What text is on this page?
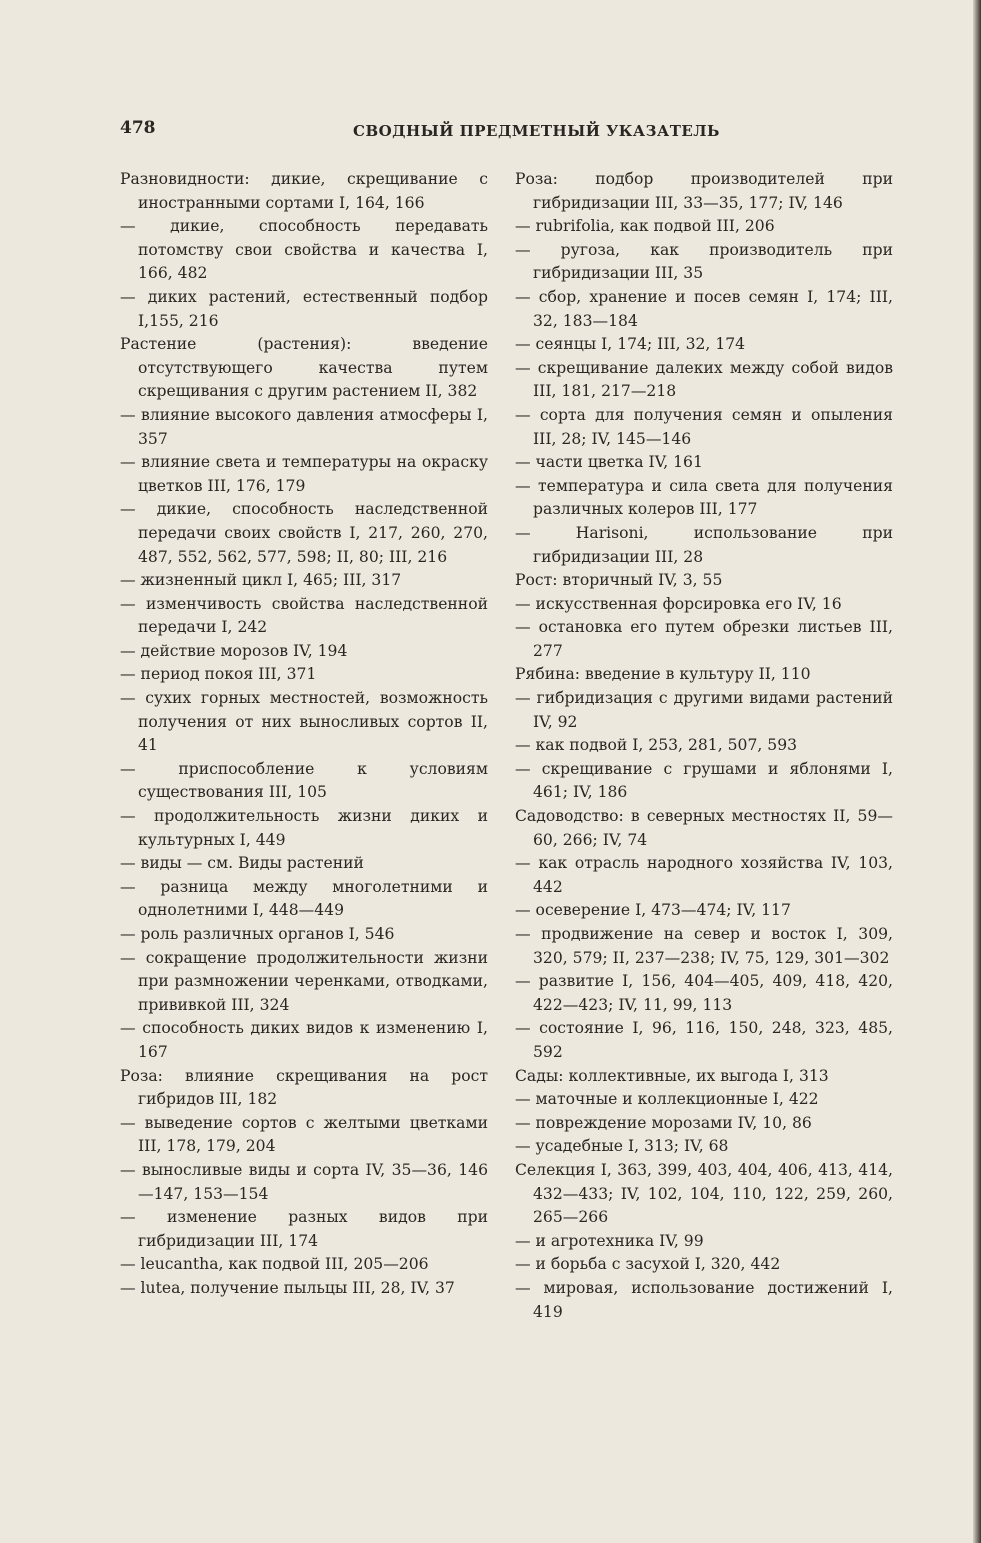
478	СВОДНЫЙ ПРЕДМЕТНЫЙ УКАЗАТЕЛЬ

Разновидности: дикие, скрещивание с иностранными сортами I, 164, 166

— дикие, способность передавать потомству свои свойства и качества I, 166, 482

— диких растений, естественный подбор I,155, 216

Растение (растения): введение отсутствующего качества путем скрещивания с другим растением II, 382

— влияние высокого давления атмосферы I, 357

— влияние света и температуры на окраску цветков III, 176, 179

— дикие, способность наследственной передачи своих свойств I, 217, 260, 270, 487, 552, 562, 577, 598; II, 80; III, 216

— жизненный цикл I, 465; III, 317

— изменчивость свойства наследственной передачи I, 242

— действие морозов IV, 194

— период покоя III, 371

— сухих горных местностей, возможность получения от них выносливых сортов II, 41

— приспособление к условиям существования III, 105

— продолжительность жизни диких и культурных I, 449

— виды — см. Виды растений

— разница между многолетними и однолетними I, 448—449

— роль различных органов I, 546

— сокращение продолжительности жизни при размножении черенками, отводками, прививкой III, 324

— способность диких видов к изменению I, 167

Роза: влияние скрещивания на рост гибридов III, 182

— выведение сортов с желтыми цветками III, 178, 179, 204

— выносливые виды и сорта IV, 35—36, 146—147, 153—154

— изменение разных видов при гибридизации III, 174

— leucantha, как подвой III, 205—206

— lutea, получение пыльцы III, 28, IV, 37

Роза: подбор производителей при гибридизации III, 33—35, 177; IV, 146

— rubrifolia, как подвой III, 206

— ругоза, как производитель при гибридизации III, 35

— сбор, хранение и посев семян I, 174; III, 32, 183—184

— сеянцы I, 174; III, 32, 174

— скрещивание далеких между собой видов III, 181, 217—218

— сорта для получения семян и опыления III, 28; IV, 145—146

— части цветка IV, 161

— температура и сила света для получения различных колеров III, 177

— Harisoni, использование при гибридизации III, 28

Рост: вторичный IV, 3, 55

— искусственная форсировка его IV, 16

— остановка его путем обрезки листьев III, 277

Рябина: введение в культуру II, 110

— гибридизация с другими видами растений IV, 92

— как подвой I, 253, 281, 507, 593

— скрещивание с грушами и яблонями I, 461; IV, 186

Садоводство: в северных местностях II, 59—60, 266; IV, 74

— как отрасль народного хозяйства IV, 103, 442

— осеверение I, 473—474; IV, 117

— продвижение на север и восток I, 309, 320, 579; II, 237—238; IV, 75, 129, 301—302

— развитие I, 156, 404—405, 409, 418, 420, 422—423; IV, 11, 99, 113

— состояние I, 96, 116, 150, 248, 323, 485, 592

Сады: коллективные, их выгода I, 313

— маточные и коллекционные I, 422

— повреждение морозами IV, 10, 86

— усадебные I, 313; IV, 68

Селекция I, 363, 399, 403, 404, 406, 413, 414, 432—433; IV, 102, 104, 110, 122, 259, 260, 265—266

— и агротехника IV, 99

— и борьба с засухой I, 320, 442

— мировая, использование достижений I, 419
